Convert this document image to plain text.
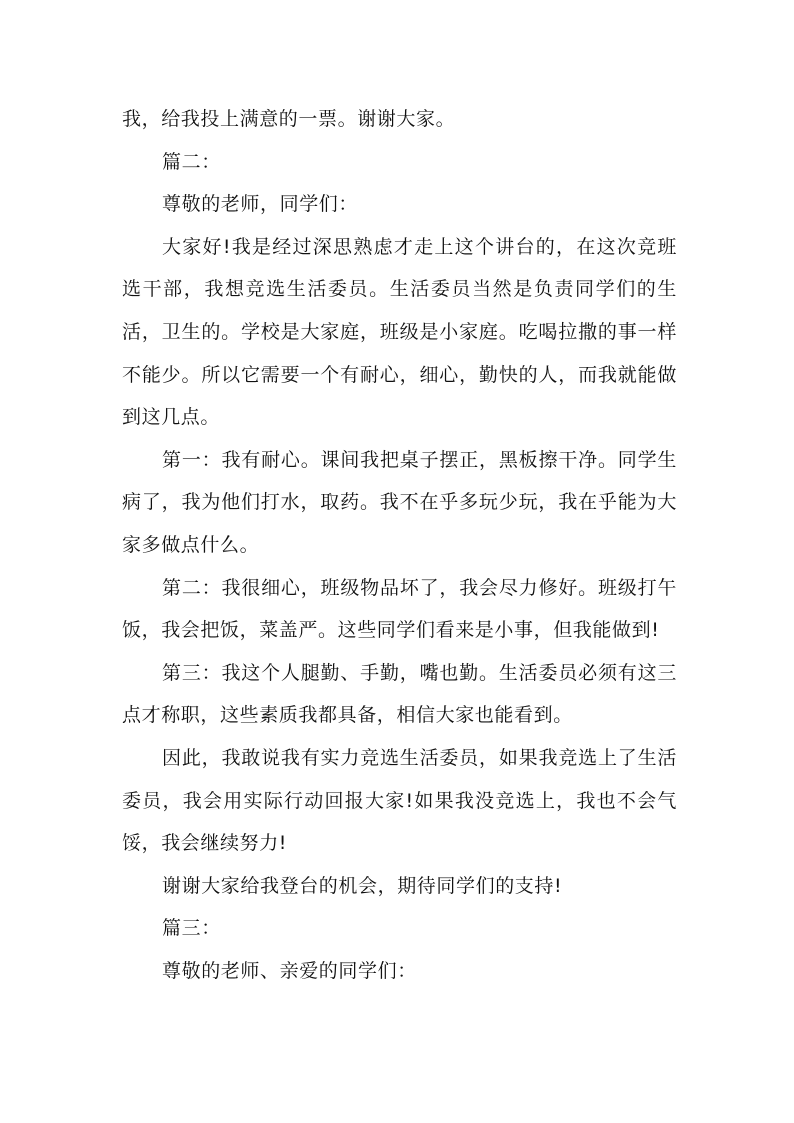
我，给我投上满意的一票。谢谢大家。

篇二：

尊敬的老师，同学们：

大家好!我是经过深思熟虑才走上这个讲台的，在这次竞班选干部，我想竞选生活委员。生活委员当然是负责同学们的生活，卫生的。学校是大家庭，班级是小家庭。吃喝拉撒的事一样不能少。所以它需要一个有耐心，细心，勤快的人，而我就能做到这几点。

第一：我有耐心。课间我把桌子摆正，黑板擦干净。同学生病了，我为他们打水，取药。我不在乎多玩少玩，我在乎能为大家多做点什么。

第二：我很细心，班级物品坏了，我会尽力修好。班级打午饭，我会把饭，菜盖严。这些同学们看来是小事，但我能做到!

第三：我这个人腿勤、手勤，嘴也勤。生活委员必须有这三点才称职，这些素质我都具备，相信大家也能看到。

因此，我敢说我有实力竞选生活委员，如果我竞选上了生活委员，我会用实际行动回报大家!如果我没竞选上，我也不会气馁，我会继续努力!

谢谢大家给我登台的机会，期待同学们的支持!

篇三：

尊敬的老师、亲爱的同学们：
